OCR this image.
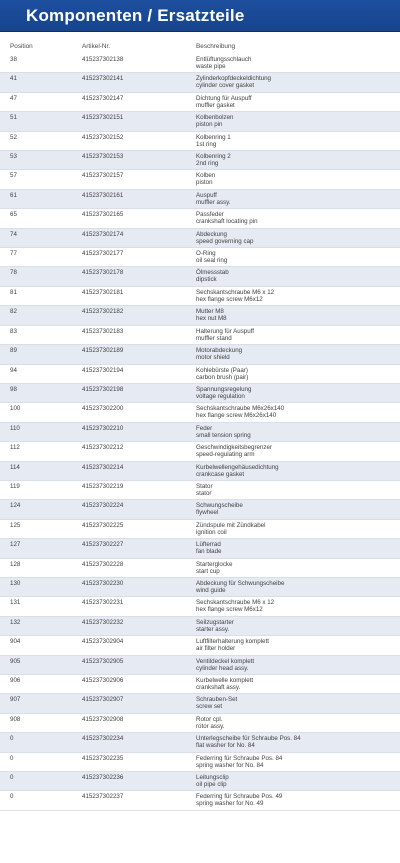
Komponenten / Ersatzteile
Position	Artikel-Nr.	Beschreibung
38	415237302138	Entlüftungsschlauch
waste pipe
41	415237302141	Zylinderkopfdeckeldichtung
cylinder cover gasket
47	415237302147	Dichtung für Auspuff
muffler gasket
51	415237302151	Kolbenbolzen
piston pin
52	415237302152	Kolbenring 1
1st ring
53	415237302153	Kolbenring 2
2nd ring
57	415237302157	Kolben
piston
61	415237302161	Auspuff
muffler assy.
65	415237302165	Passfeder
crankshaft locating pin
74	415237302174	Abdeckung
speed governing cap
77	415237302177	O-Ring
oil seal ring
78	415237302178	Ölmessstab
dipstick
81	415237302181	Sechskantschraube M6 x 12
hex flange screw M6x12
82	415237302182	Mutter M8
hex nut M8
83	415237302183	Halterung für Auspuff
muffler stand
89	415237302189	Motorabdeckung
motor shield
94	415237302194	Kohlebürste (Paar)
carbon brush (pair)
98	415237302198	Spannungsregelung
voltage regulation
100	415237302200	Sechskantschraube M6x26x140
hex flange screw M6x26x140
110	415237302210	Feder
small tension spring
112	415237302212	Geschwindigkeitsbegrenzer
speed-regulating arm
114	415237302214	Kurbelwellengehäusedichtung
crankcase gasket
119	415237302219	Stator
stator
124	415237302224	Schwungscheibe
flywheel
125	415237302225	Zündspule mit Zündkabel
ignition coil
127	415237302227	Lüfterrad
fan blade
128	415237302228	Starterglocke
start cup
130	415237302230	Abdeckung für Schwungscheibe
wind guide
131	415237302231	Sechskantschraube M6 x 12
hex flange screw M6x12
132	415237302232	Seilzugstarter
starter assy.
904	415237302904	Luftfilterhalterung komplett
air filter holder
905	415237302905	Ventildeckel komplett
cylinder head assy.
906	415237302906	Kurbelwelle komplett
crankshaft assy.
907	415237302907	Schrauben-Set
screw set
908	415237302908	Rotor cpl.
rotor assy.
0	415237302234	Unterlegscheibe für Schraube Pos. 84
flat washer for No. 84
0	415237302235	Federring für Schraube Pos. 84
spring washer for No. 84
0	415237302236	Leitungsclip
oil pipe clip
0	415237302237	Federring für Schraube Pos. 49
spring washer for No. 49
